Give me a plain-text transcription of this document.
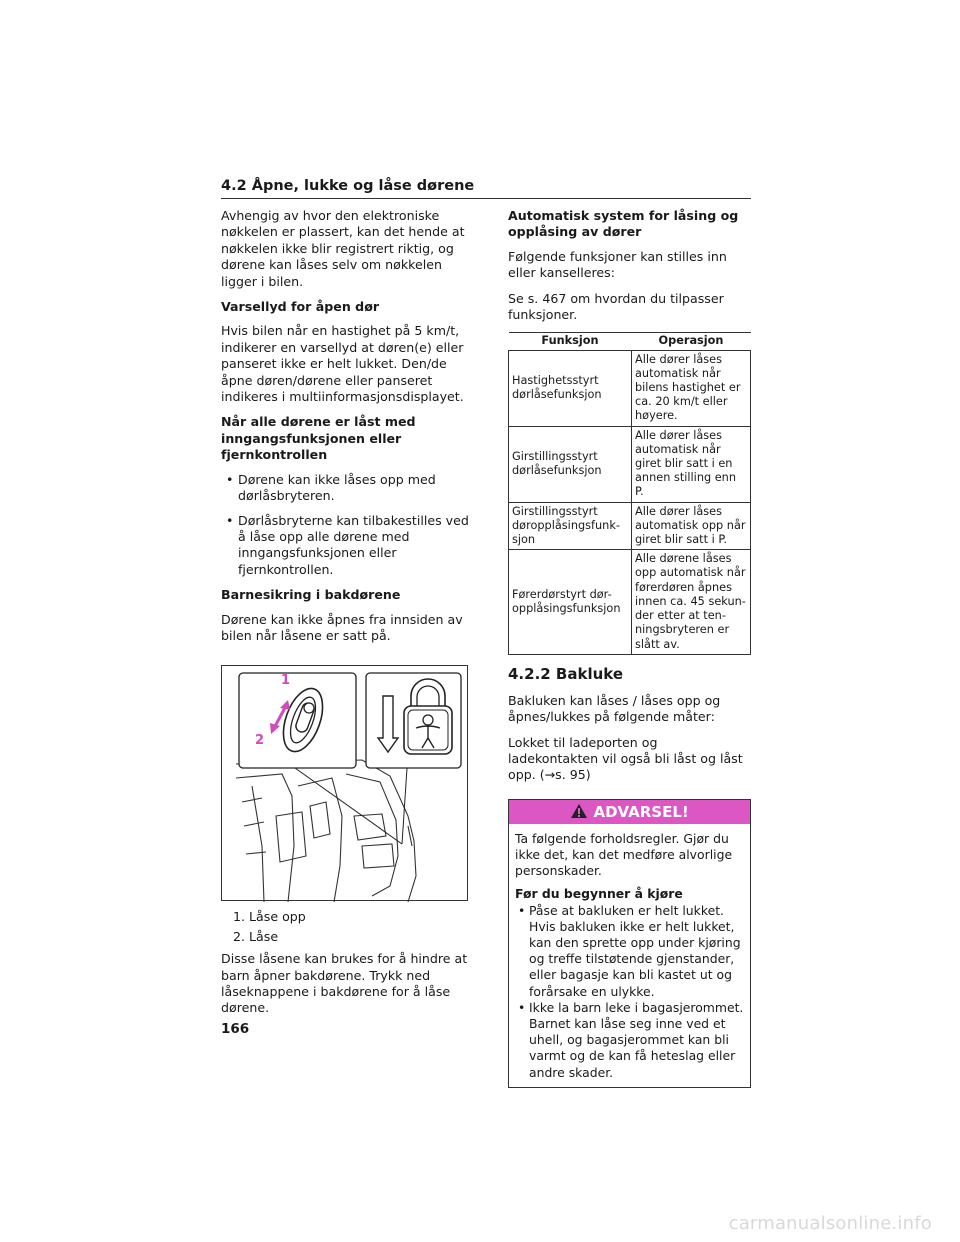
4.2 Åpne, lukke og låse dørene

Avhengig av hvor den elektroniske nøkkelen er plassert, kan det hende at nøkkelen ikke blir registrert riktig, og dørene kan låses selv om nøkkelen ligger i bilen.

Varsellyd for åpen dør

Hvis bilen når en hastighet på 5 km/t, indikerer en varsellyd at døren(e) eller panseret ikke er helt lukket. Den/de åpne døren/dørene eller panseret indikeres i multiinformasjonsdisplayet.

Når alle dørene er låst med inngangsfunksjonen eller fjernkontrollen
• Dørene kan ikke låses opp med dørlåsbryteren.
• Dørlåsbryterne kan tilbakestilles ved å låse opp alle dørene med inngangsfunksjonen eller fjernkontrollen.
Barnesikring i bakdørene

Dørene kan ikke åpnes fra innsiden av bilen når låsene er satt på.

1
2
1. Låse opp
2. Låse

Disse låsene kan brukes for å hindre at barn åpner bakdørene. Trykk ned låseknappene i bakdørene for å låse dørene.

Automatisk system for låsing og opplåsing av dører

Følgende funksjoner kan stilles inn eller kanselleres:

Se s. 467 om hvordan du tilpasser funksjoner.

Funksjon	Operasjon
Hastighetsstyrt dørlåsefunksjon	Alle dører låses automatisk når bilens hastighet er ca. 20 km/t eller høyere.
Girstillingsstyrt dørlåsefunksjon	Alle dører låses automatisk når giret blir satt i en annen stilling enn P.
Girstillingsstyrt døropplåsingsfunk-sjon	Alle dører låses automatisk opp når giret blir satt i P.
Førerdørstyrt dør-opplåsingsfunksjon	Alle dørene låses opp automatisk når førerdøren åpnes innen ca. 45 sekun-der etter at ten-ningsbryteren er slått av.
4.2.2 Bakluke

Bakluken kan låses / låses opp og åpnes/lukkes på følgende måter:

Lokket til ladeporten og ladekontakten vil også bli låst og låst opp. (→s. 95)

ADVARSEL!

Ta følgende forholdsregler. Gjør du ikke det, kan det medføre alvorlige personskader.

Før du begynner å kjøre
• Påse at bakluken er helt lukket. Hvis bakluken ikke er helt lukket, kan den sprette opp under kjøring og treffe tilstøtende gjenstander, eller bagasje kan bli kastet ut og forårsake en ulykke.
• Ikke la barn leke i bagasjerommet. Barnet kan låse seg inne ved et uhell, og bagasjerommet kan bli varmt og de kan få heteslag eller andre skader.
166
carmanualsonline.info
